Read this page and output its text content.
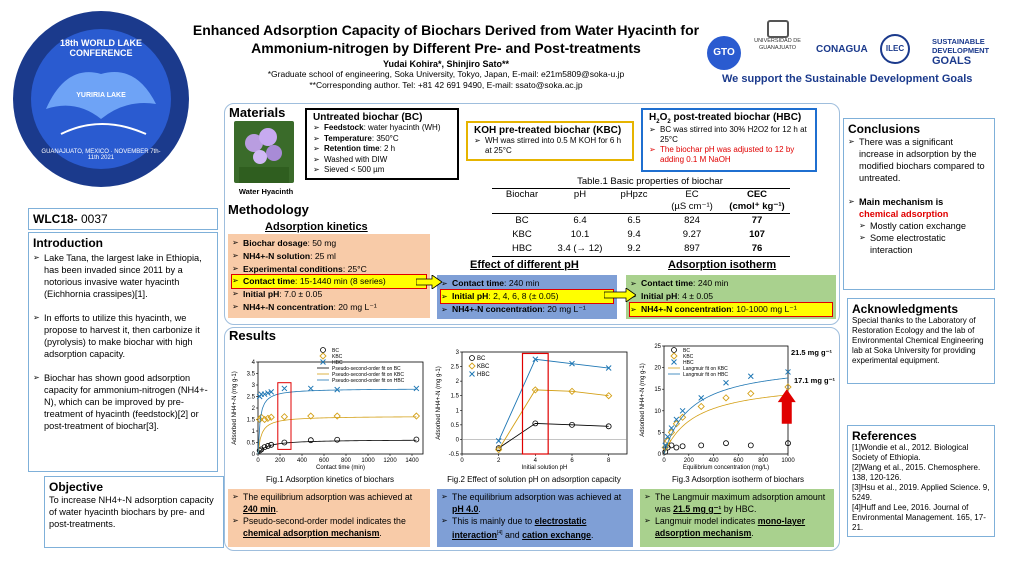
18th WORLD LAKE CONFERENCE
YURIRIA LAKE
GUANAJUATO, MEXICO · NOVEMBER 7th-11th 2021
Enhanced Adsorption Capacity of Biochars Derived from Water Hyacinth for
Ammonium-nitrogen by Different Pre- and Post-treatments
Yudai Kohira*, Shinjiro Sato**
*Graduate school of engineering, Soka University, Tokyo, Japan, E-mail: e21m5809@soka-u.jp
**Corresponding author. Tel: +81 42 691 9490, E-mail: ssato@soka.ac.jp
GTO
UNIVERSIDAD DE GUANAJUATO	CONAGUA	ILEC
SUSTAINABLE
DEVELOPMENT
GOALS
We support the Sustainable Development Goals
WLC18- 0037
Introduction
➢ Lake Tana, the largest lake in Ethiopia, has been invaded since 2011 by a notorious invasive water hyacinth (Eichhornia crassipes)[1].
➢ In efforts to utilize this hyacinth, we propose to harvest it, then carbonize it (pyrolysis) to make biochar with high adsorption capacity.
➢ Biochar has shown good adsorption capacity for ammonium-nitrogen (NH4+-N), which can be improved by pre-treatment of hyacinth (feedstock)[2] or post-treatment of biochar[3].
Objective
To increase NH4+-N adsorption capacity of water hyacinth biochars by pre- and post-treatments.
Materials
Water Hyacinth
Untreated biochar (BC)
➢ Feedstock: water hyacinth (WH)
➢ Temperature: 350°C
➢ Retention time: 2 h
➢ Washed with DIW
➢ Sieved < 500 µm
KOH pre-treated biochar (KBC)
➢ WH was stirred into 0.5 M KOH for 6 h at 25°C
$H_2O_2$ post-treated biochar (HBC)
➢ BC was stirred into 30% H2O2 for 12 h at 25°C
➢ The biochar pH was adjusted to 12 by adding 0.1 M NaOH
Table.1 Basic properties of biochar
Biochar	pH	pHpzc	EC	CEC
(µS cm⁻¹)	(cmol⁺ kg⁻¹)
BC	6.4	6.5	824	77
KBC	10.1	9.4	9.27	107
HBC	3.4 (→ 12)	9.2	897	76
Methodology
Adsorption kinetics
➢ Biochar dosage: 50 mg
➢ NH4+-N solution: 25 ml
➢ Experimental conditions: 25°C
➢ Contact time: 15-1440 min (8 series)
➢ Initial pH: 7.0 ± 0.05
➢ NH4+-N concentration: 20 mg L⁻¹
Effect of different pH
➢ Contact time: 240 min
➢ Initial pH: 2, 4, 6, 8 (± 0.05)
➢ NH4+-N concentration: 20 mg L⁻¹
Adsorption isotherm
➢ Contact time: 240 min
➢ Initial pH: 4 ± 0.05
➢ NH4+-N concentration: 10-1000 mg L⁻¹
Results
0	200 400 600 800 1000 1200 1400
0
0.5
1
1.5
2
2.5
3
3.5
4
Contact time (min)
Adsorbed NH4+-N (mg g-1)
BC
KBC
HBC
Pseudo-second-order fit on BC
Pseudo-second-order fit on KBC
Pseudo-second-order fit on HBC
0	2	4	6	8
-0.5
0
0.5
1
1.5
2
2.5
3
Initial solution pH
Adsorbed NH4+-N (mg g-1)
BC
KBC
HBC
0	200 400 600 800 1000
0
5
10
15
20
25
Equilibrium concentration (mg/L)
Adsorbed NH4+-N (mg g-1)
BC
KBC
HBC
Langmuir fit on KBC
Langmuir fit on HBC
21.5 mg g⁻¹
17.1 mg g⁻¹
Fig.1 Adsorption kinetics of biochars	Fig.2 Effect of solution pH on adsorption capacity	Fig.3 Adsorption isotherm of biochars
➢ The equilibrium adsorption was achieved at 240 min.
➢ Pseudo-second-order model indicates the chemical adsorption mechanism.
➢ The equilibrium adsorption was achieved at pH 4.0.
➢ This is mainly due to electrostatic interaction[4] and cation exchange.
➢ The Langmuir maximum adsorption amount was 21.5 mg g⁻¹ by HBC.
➢ Langmuir model indicates mono-layer adsorption mechanism.
Conclusions
➢ There was a significant increase in adsorption by the modified biochars compared to untreated.
➢ Main mechanism is
chemical adsorption
➢ Mostly cation exchange
➢ Some electrostatic interaction
Acknowledgments
Special thanks to the Laboratory of Restoration Ecology and the lab of Environmental Chemical Engineering lab at Soka University for providing experimental equipment.
References
[1]Wondie et al., 2012. Biological Society of Ethiopia.
[2]Wang et al., 2015. Chemosphere. 138, 120-126.
[3]Hsu et al., 2019. Applied Science. 9, 5249.
[4]Huff and Lee, 2016. Journal of Environmental Management. 165, 17-21.
